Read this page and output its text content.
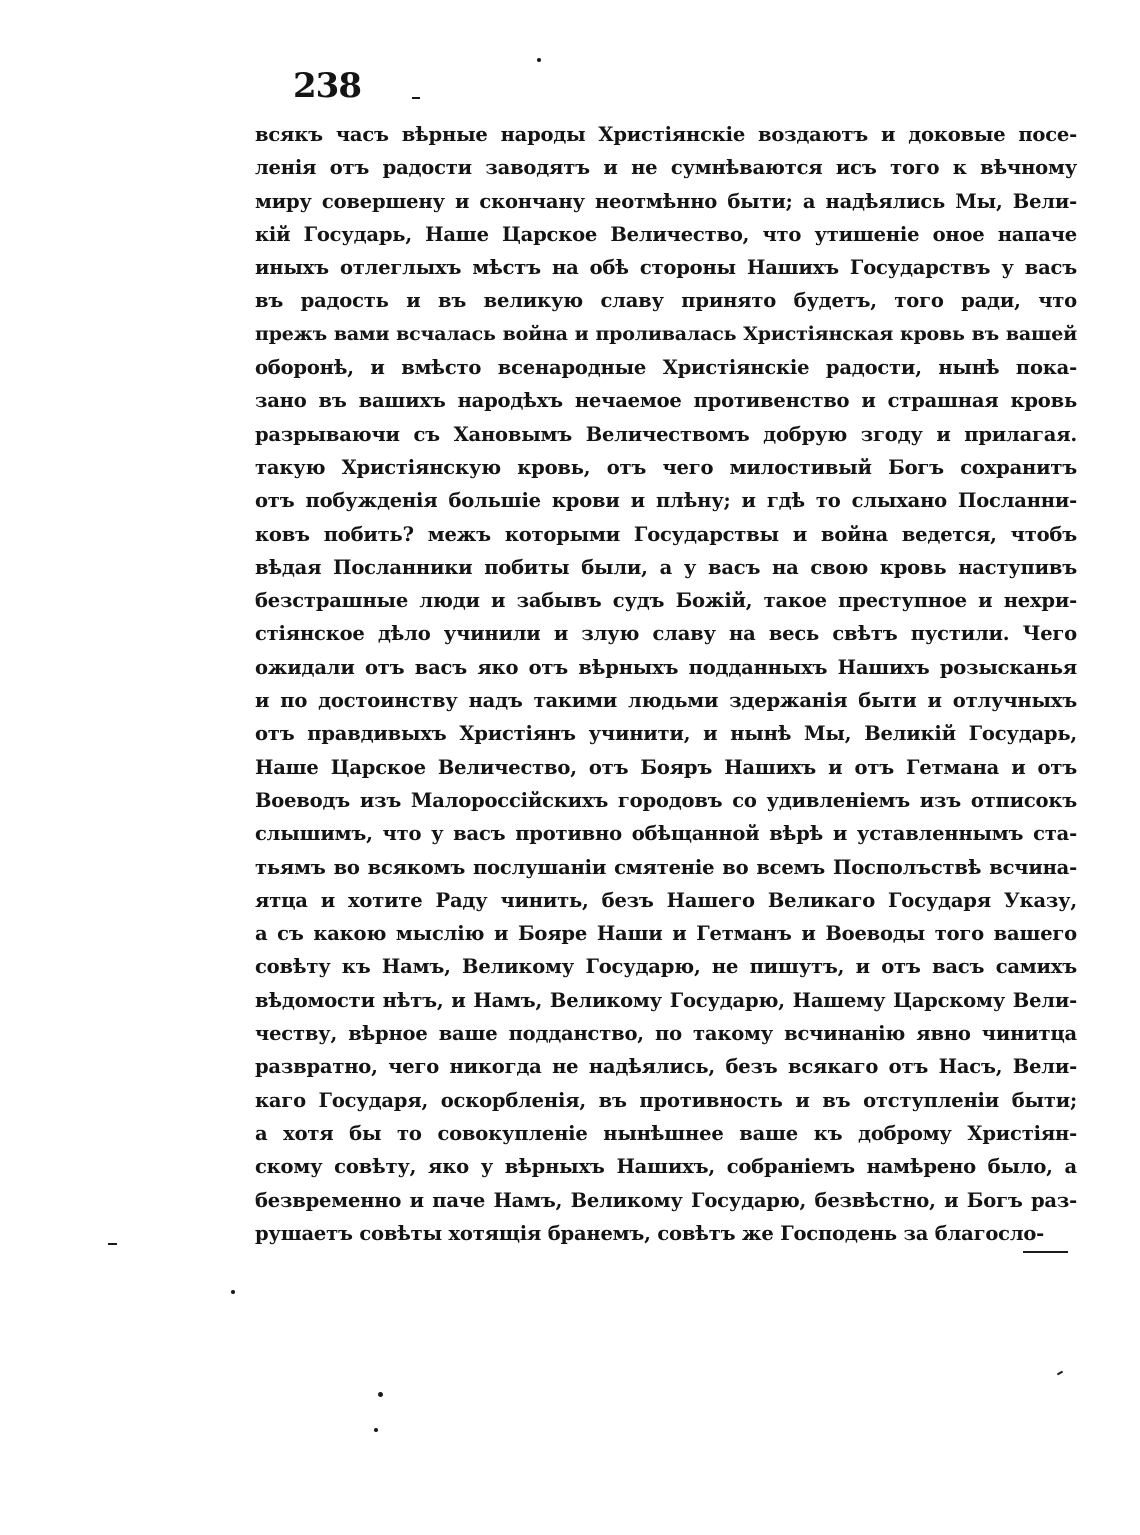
238
всякъ часъ вѣрные народы Христіянскіе воздаютъ и доковые посе-
ленія отъ радости заводятъ и не сумнѣваются исъ того к вѣчному
миру совершену и скончану неотмѣнно быти; а надѣялись Мы, Вели-
кій Государь, Наше Царское Величество, что утишеніе оное напаче
иныхъ отлеглыхъ мѣстъ на обѣ стороны Нашихъ Государствъ у васъ
въ радость и въ великую славу принято будетъ, того ради, что
прежъ вами всчалась война и проливалась Христіянская кровь въ вашей
оборонѣ, и вмѣсто всенародные Христіянскіе радости, нынѣ пока-
зано въ вашихъ народѣхъ нечаемое противенство и страшная кровь
разрываючи съ Хановымъ Величествомъ добрую згоду и прилагая.
такую Христіянскую кровь, отъ чего милостивый Богъ сохранитъ
отъ побужденія большіе крови и плѣну; и гдѣ то слыхано Посланни-
ковъ побить? межъ которыми Государствы и война ведется, чтобъ
вѣдая Посланники побиты были, а у васъ на свою кровь наступивъ
безстрашные люди и забывъ судъ Божій, такое преступное и нехри-
стіянское дѣло учинили и злую славу на весь свѣтъ пустили. Чего
ожидали отъ васъ яко отъ вѣрныхъ подданныхъ Нашихъ розысканья
и по достоинству надъ такими людьми здержанія быти и отлучныхъ
отъ правдивыхъ Христіянъ учинити, и нынѣ Мы, Великій Государь,
Наше Царское Величество, отъ Бояръ Нашихъ и отъ Гетмана и отъ
Воеводъ изъ Малороссійскихъ городовъ со удивленіемъ изъ отписокъ
слышимъ, что у васъ противно обѣщанной вѣрѣ и уставленнымъ ста-
тьямъ во всякомъ послушаніи смятеніе во всемъ Посполъствѣ всчина-
ятца и хотите Раду чинить, безъ Нашего Великаго Государя Указу,
а съ какою мыслію и Бояре Наши и Гетманъ и Воеводы того вашего
совѣту къ Намъ, Великому Государю, не пишутъ, и отъ васъ самихъ
вѣдомости нѣтъ, и Намъ, Великому Государю, Нашему Царскому Вели-
честву, вѣрное ваше подданство, по такому всчинанію явно чинитца
развратно, чего никогда не надѣялись, безъ всякаго отъ Насъ, Вели-
каго Государя, оскорбленія, въ противность и въ отступленіи быти;
а хотя бы то совокупленіе нынѣшнее ваше къ доброму Христіян-
скому совѣту, яко у вѣрныхъ Нашихъ, собраніемъ намѣрено было, а
безвременно и паче Намъ, Великому Государю, безвѣстно, и Богъ раз-
рушаетъ совѣты хотящія бранемъ, совѣтъ же Господень за благосло-
